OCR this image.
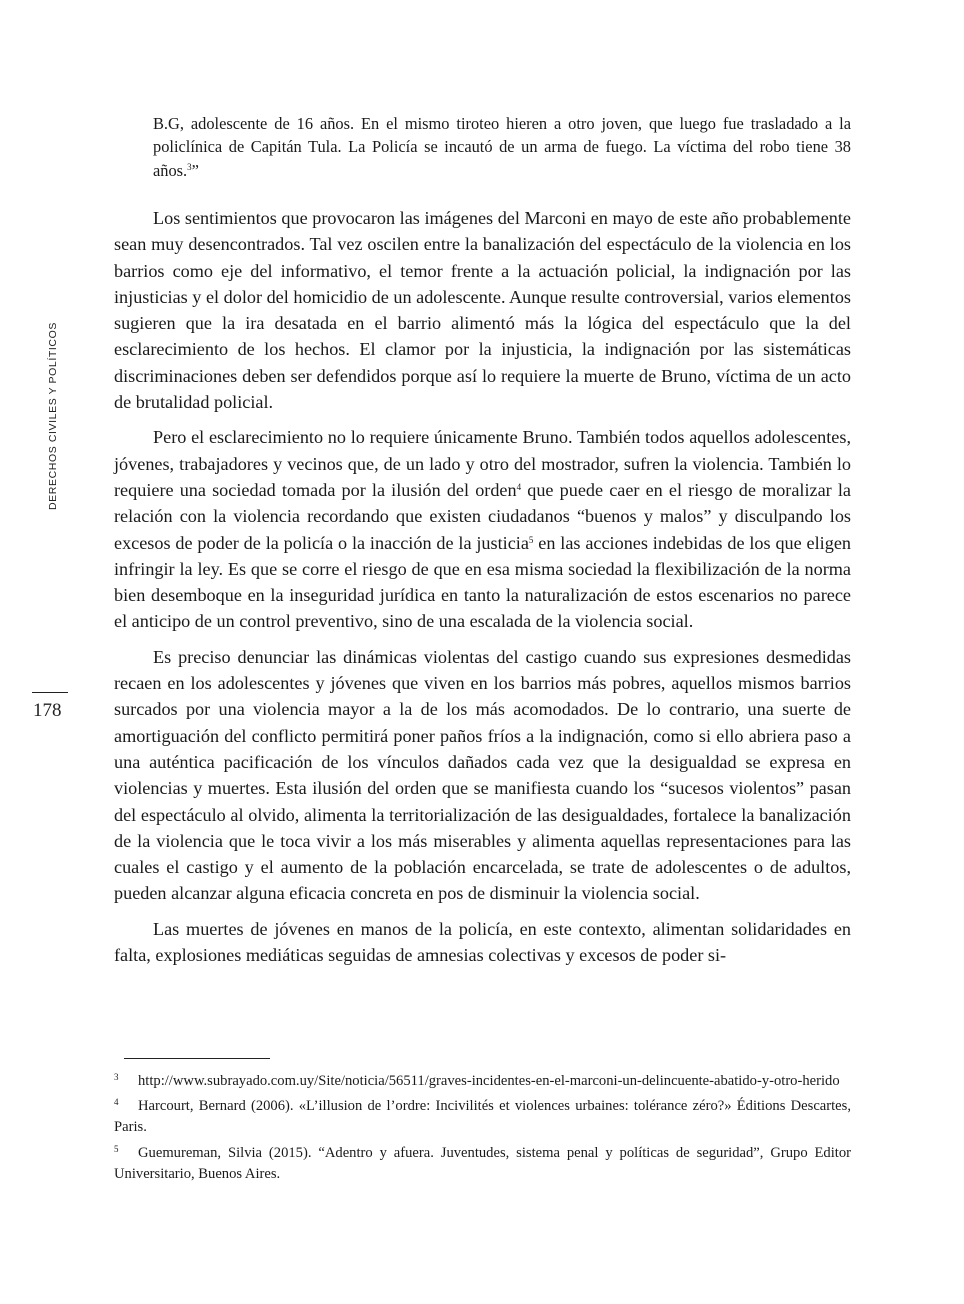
DERECHOS CIVILES Y POLÍTICOS
178
B.G, adolescente de 16 años. En el mismo tiroteo hieren a otro joven, que luego fue trasladado a la policlínica de Capitán Tula. La Policía se incautó de un arma de fuego. La víctima del robo tiene 38 años.$^3$”

Los sentimientos que provocaron las imágenes del Marconi en mayo de este año probablemente sean muy desencontrados. Tal vez oscilen entre la banalización del espectáculo de la violencia en los barrios como eje del informativo, el temor frente a la actuación policial, la indignación por las injusticias y el dolor del homicidio de un adolescente. Aunque resulte controversial, varios elementos sugieren que la ira desatada en el barrio alimentó más la lógica del espectáculo que la del esclarecimiento de los hechos. El clamor por la injusticia, la indignación por las sistemáticas discriminaciones deben ser defendidos porque así lo requiere la muerte de Bruno, víctima de un acto de brutalidad policial.

Pero el esclarecimiento no lo requiere únicamente Bruno. También todos aquellos adolescentes, jóvenes, trabajadores y vecinos que, de un lado y otro del mostrador, sufren la violencia. También lo requiere una sociedad tomada por la ilusión del orden$^4$ que puede caer en el riesgo de moralizar la relación con la violencia recordando que existen ciudadanos “buenos y malos” y disculpando los excesos de poder de la policía o la inacción de la justicia$^5$ en las acciones indebidas de los que eligen infringir la ley. Es que se corre el riesgo de que en esa misma sociedad la flexibilización de la norma bien desemboque en la inseguridad jurídica en tanto la naturalización de estos escenarios no parece el anticipo de un control preventivo, sino de una escalada de la violencia social.

Es preciso denunciar las dinámicas violentas del castigo cuando sus expresiones desmedidas recaen en los adolescentes y jóvenes que viven en los barrios más pobres, aquellos mismos barrios surcados por una violencia mayor a la de los más acomodados. De lo contrario, una suerte de amortiguación del conflicto permitirá poner paños fríos a la indignación, como si ello abriera paso a una auténtica pacificación de los vínculos dañados cada vez que la desigualdad se expresa en violencias y muertes. Esta ilusión del orden que se manifiesta cuando los “sucesos violentos” pasan del espectáculo al olvido, alimenta la territorialización de las desigualdades, fortalece la banalización de la violencia que le toca vivir a los más miserables y alimenta aquellas representaciones para las cuales el castigo y el aumento de la población encarcelada, se trate de adolescentes o de adultos, pueden alcanzar alguna eficacia concreta en pos de disminuir la violencia social.

Las muertes de jóvenes en manos de la policía, en este contexto, alimentan solidaridades en falta, explosiones mediáticas seguidas de amnesias colectivas y excesos de poder si-

3 http://www.subrayado.com.uy/Site/noticia/56511/graves-incidentes-en-el-marconi-un-delincuente-abatido-y-otro-herido

4 Harcourt, Bernard (2006). «L’illusion de l’ordre: Incivilités et violences urbaines: tolérance zéro?» Éditions Descartes, Paris.

5 Guemureman, Silvia (2015). “Adentro y afuera. Juventudes, sistema penal y políticas de seguridad”, Grupo Editor Universitario, Buenos Aires.
